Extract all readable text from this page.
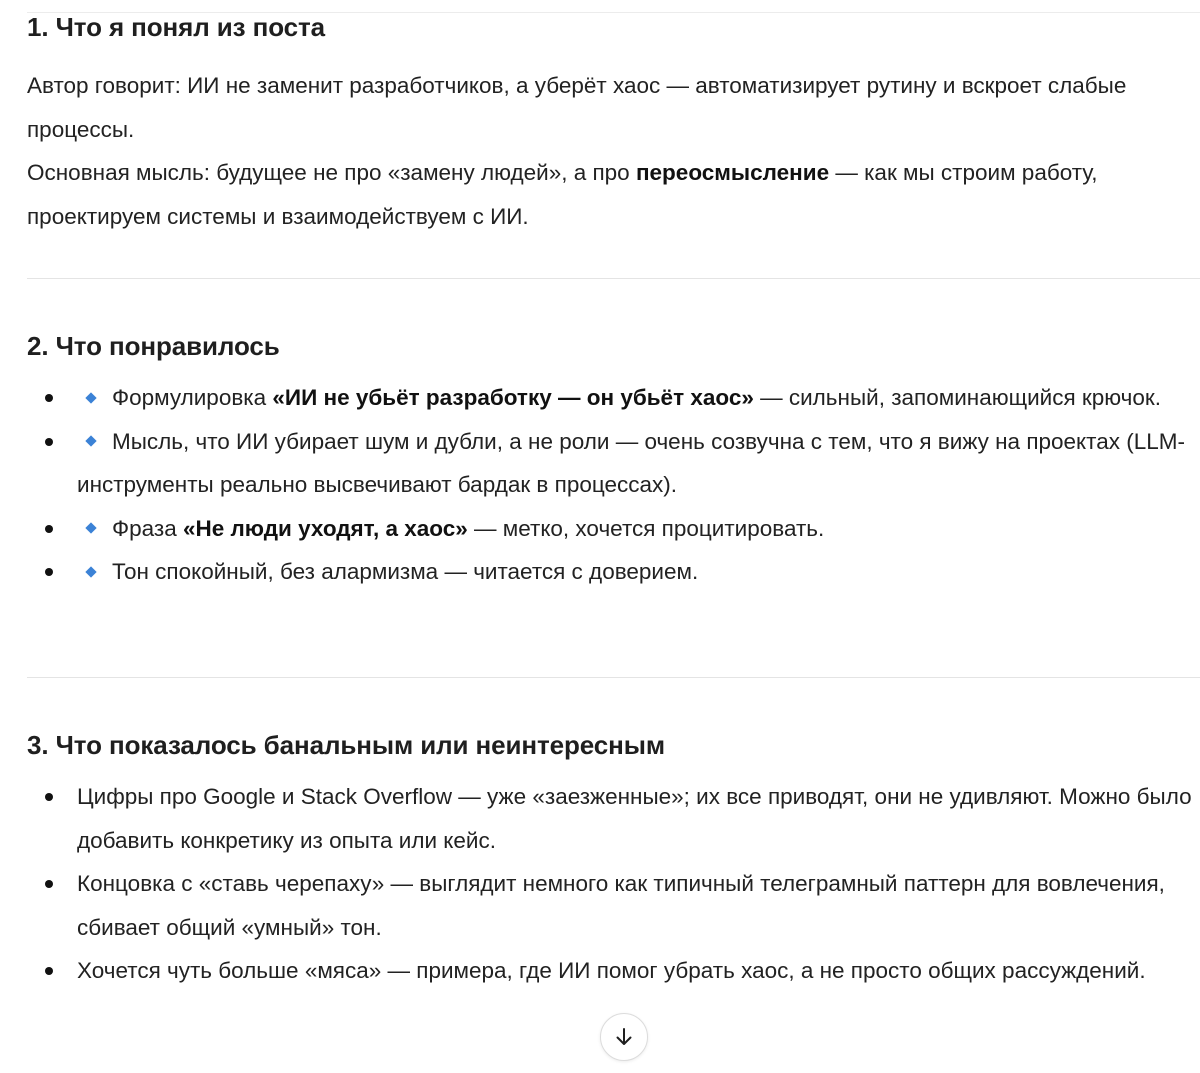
1. Что я понял из поста
Автор говорит: ИИ не заменит разработчиков, а уберёт хаос — автоматизирует рутину и вскроет слабые процессы.
Основная мысль: будущее не про «замену людей», а про переосмысление — как мы строим работу, проектируем системы и взаимодействуем с ИИ.
2. Что понравилось
Формулировка «ИИ не убьёт разработку — он убьёт хаос» — сильный, запоминающийся крючок.
Мысль, что ИИ убирает шум и дубли, а не роли — очень созвучна с тем, что я вижу на проектах (LLM-инструменты реально высвечивают бардак в процессах).
Фраза «Не люди уходят, а хаос» — метко, хочется процитировать.
Тон спокойный, без алармизма — читается с доверием.
3. Что показалось банальным или неинтересным
Цифры про Google и Stack Overflow — уже «заезженные»; их все приводят, они не удивляют. Можно было добавить конкретику из опыта или кейс.
Концовка с «ставь черепаху» — выглядит немного как типичный телеграмный паттерн для вовлечения, сбивает общий «умный» тон.
Хочется чуть больше «мяса» — примера, где ИИ помог убрать хаос, а не просто общих рассуждений.
